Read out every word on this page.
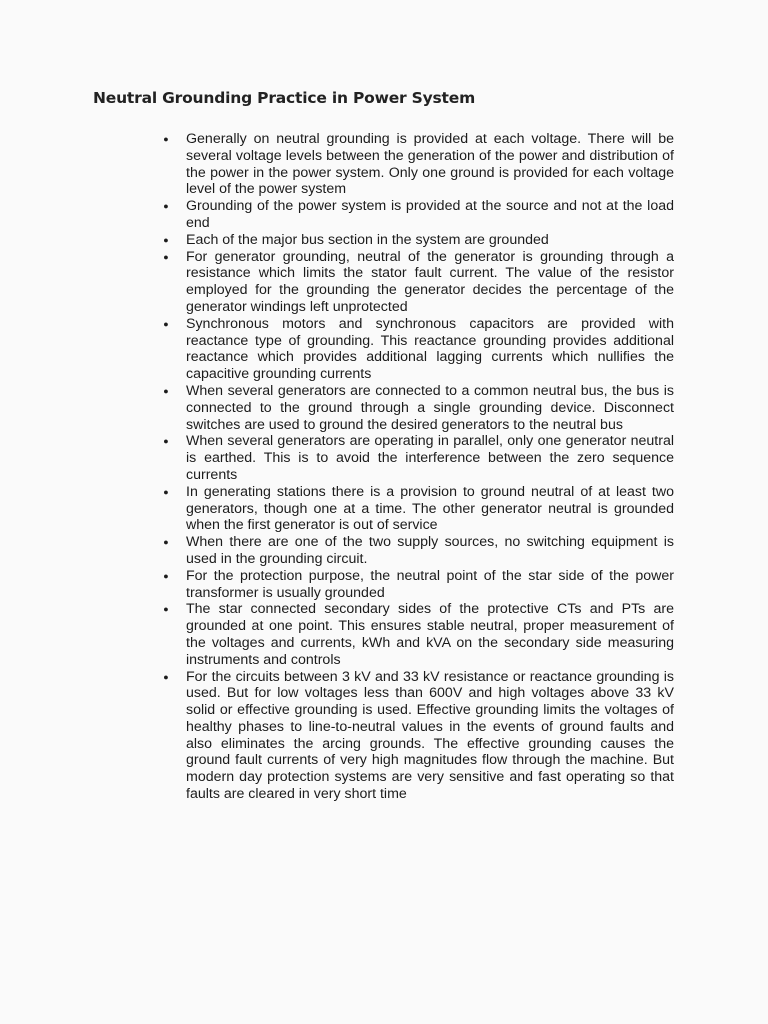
Neutral Grounding Practice in Power System
● Generally on neutral grounding is provided at each voltage. There will be several voltage levels between the generation of the power and distribution of the power in the power system. Only one ground is provided for each voltage level of the power system
● Grounding of the power system is provided at the source and not at the load end
● Each of the major bus section in the system are grounded
● For generator grounding, neutral of the generator is grounding through a resistance which limits the stator fault current. The value of the resistor employed for the grounding the generator decides the percentage of the generator windings left unprotected
● Synchronous motors and synchronous capacitors are provided with reactance type of grounding. This reactance grounding provides additional reactance which provides additional lagging currents which nullifies the capacitive grounding currents
● When several generators are connected to a common neutral bus, the bus is connected to the ground through a single grounding device. Disconnect switches are used to ground the desired generators to the neutral bus
● When several generators are operating in parallel, only one generator neutral is earthed. This is to avoid the interference between the zero sequence currents
● In generating stations there is a provision to ground neutral of at least two generators, though one at a time. The other generator neutral is grounded when the first generator is out of service
● When there are one of the two supply sources, no switching equipment is used in the grounding circuit.
● For the protection purpose, the neutral point of the star side of the power transformer is usually grounded
● The star connected secondary sides of the protective CTs and PTs are grounded at one point. This ensures stable neutral, proper measurement of the voltages and currents, kWh and kVA on the secondary side measuring instruments and controls
● For the circuits between 3 kV and 33 kV resistance or reactance grounding is used. But for low voltages less than 600V and high voltages above 33 kV solid or effective grounding is used. Effective grounding limits the voltages of healthy phases to line-to-neutral values in the events of ground faults and also eliminates the arcing grounds. The effective grounding causes the ground fault currents of very high magnitudes flow through the machine. But modern day protection systems are very sensitive and fast operating so that faults are cleared in very short time
